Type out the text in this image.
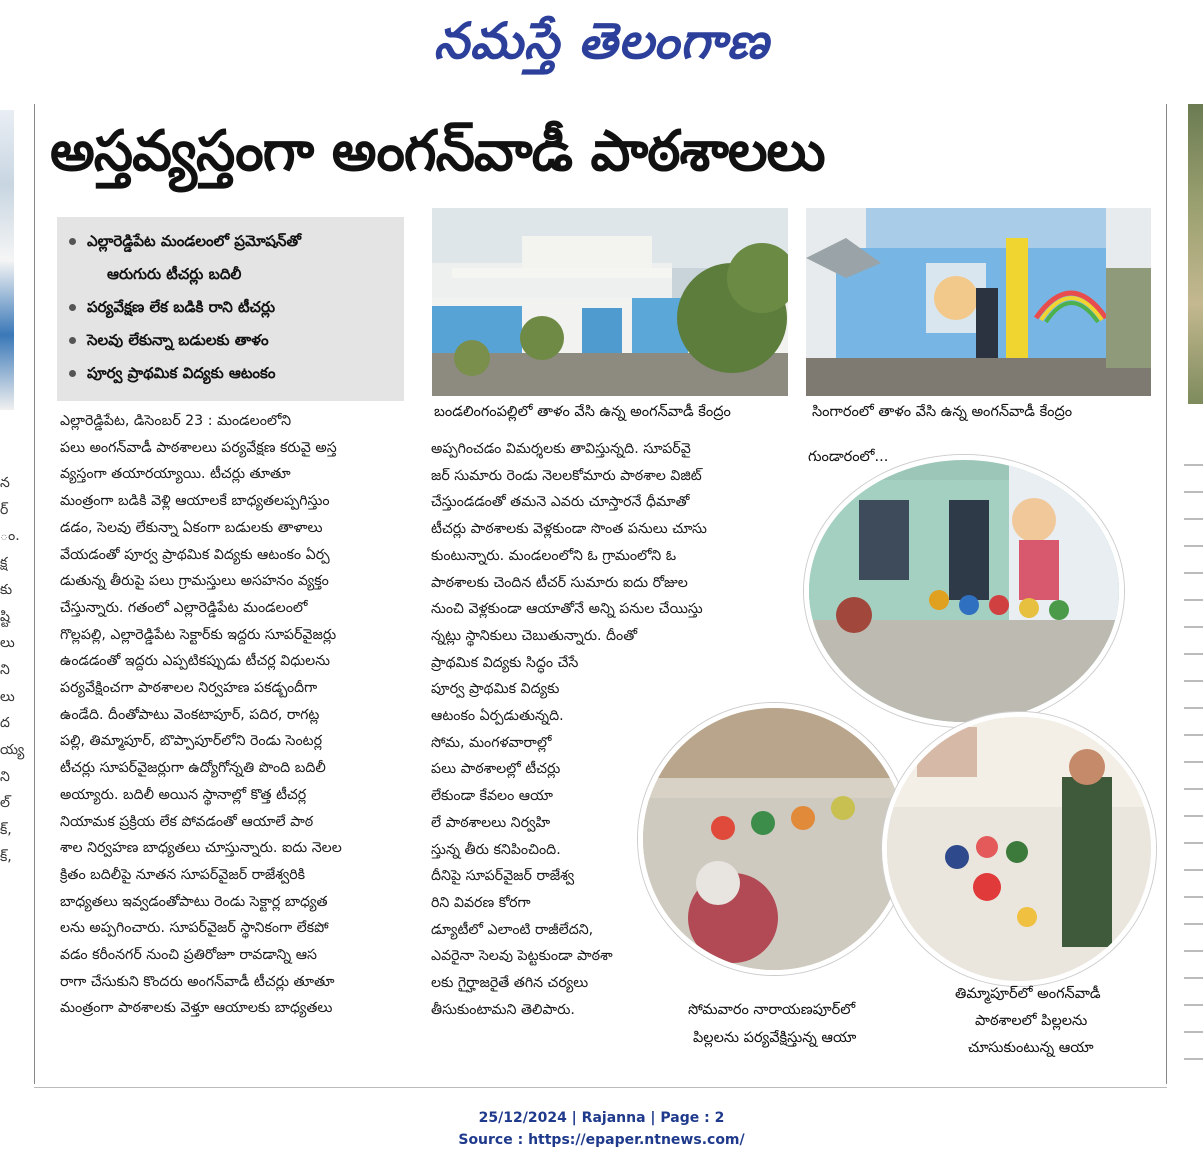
నమస్తే తెలంగాణ
న
ర్
ం.
క్ష
కు
ష్టి
లు
ని
లు
ద
య్య
ని
ల్
క్,
క్,
అస్తవ్యస్తంగా అంగన్‌వాడీ పాఠశాలలు
ఎల్లారెడ్డిపేట మండలంలో ప్రమోషన్‌తో
ఆరుగురు టీచర్లు బదిలీ
పర్యవేక్షణ లేక బడికి రాని టీచర్లు
సెలవు లేకున్నా బడులకు తాళం
పూర్వ ప్రాథమిక విద్యకు ఆటంకం
బండలింగంపల్లిలో తాళం వేసి ఉన్న అంగన్‌వాడీ కేంద్రం	సింగారంలో తాళం వేసి ఉన్న అంగన్‌వాడీ కేంద్రం
గుండారంలో...
సోమవారం నారాయణపూర్‌లో
పిల్లలను పర్యవేక్షిస్తున్న ఆయా
తిమ్మాపూర్‌లో అంగన్‌వాడీ
పాఠశాలలో పిల్లలను
చూసుకుంటున్న ఆయా

ఎల్లారెడ్డిపేట, డిసెంబర్ 23 : మండలంలోని

పలు అంగన్‌వాడీ పాఠశాలలు పర్యవేక్షణ కరువై అస్త

వ్యస్తంగా తయారయ్యాయి. టీచర్లు తూతూ

మంత్రంగా బడికి వెళ్లి ఆయాలకే బాధ్యతలప్పగిస్తుం

డడం, సెలవు లేకున్నా ఏకంగా బడులకు తాళాలు

వేయడంతో పూర్వ ప్రాథమిక విద్యకు ఆటంకం ఏర్ప

డుతున్న తీరుపై పలు గ్రామస్తులు అసహనం వ్యక్తం

చేస్తున్నారు. గతంలో ఎల్లారెడ్డిపేట మండలంలో

గొల్లపల్లి, ఎల్లారెడ్డిపేట సెక్టార్‌కు ఇద్దరు సూపర్‌వైజర్లు

ఉండడంతో ఇద్దరు ఎప్పటికప్పుడు టీచర్ల విధులను

పర్యవేక్షించగా పాఠశాలల నిర్వహణ పకడ్బందీగా

ఉండేది. దీంతోపాటు వెంకటాపూర్, పదిర, రాగట్ల

పల్లి, తిమ్మాపూర్, బొప్పాపూర్‌లోని రెండు సెంటర్ల

టీచర్లు సూపర్‌వైజర్లుగా ఉద్యోగోన్నతి పొంది బదిలీ

అయ్యారు. బదిలీ అయిన స్థానాల్లో కొత్త టీచర్ల

నియామక ప్రక్రియ లేక పోవడంతో ఆయాలే పాఠ

శాల నిర్వహణ బాధ్యతలు చూస్తున్నారు. ఐదు నెలల

క్రితం బదిలీపై నూతన సూపర్‌వైజర్ రాజేశ్వరికి

బాధ్యతలు ఇవ్వడంతోపాటు రెండు సెక్టార్ల బాధ్యత

లను అప్పగించారు. సూపర్‌వైజర్ స్థానికంగా లేకపో

వడం కరీంనగర్ నుంచి ప్రతిరోజూ రావడాన్ని ఆస

రాగా చేసుకుని కొందరు అంగన్‌వాడీ టీచర్లు తూతూ

మంత్రంగా పాఠశాలకు వెళ్తూ ఆయాలకు బాధ్యతలు

అప్పగించడం విమర్శలకు తావిస్తున్నది. సూపర్‌వై

జర్ సుమారు రెండు నెలలకోమారు పాఠశాల విజిట్

చేస్తుండడంతో తమనె ఎవరు చూస్తారనే ధీమాతో

టీచర్లు పాఠశాలకు వెళ్లకుండా సొంత పనులు చూసు

కుంటున్నారు. మండలంలోని ఓ గ్రామంలోని ఓ

పాఠశాలకు చెందిన టీచర్ సుమారు ఐదు రోజుల

నుంచి వెళ్లకుండా ఆయాతోనే అన్ని పనుల చేయిస్తు

న్నట్లు స్థానికులు చెబుతున్నారు. దీంతో

ప్రాథమిక విద్యకు సిద్ధం చేసే

పూర్వ ప్రాథమిక విద్యకు

ఆటంకం ఏర్పడుతున్నది.

సోమ, మంగళవారాల్లో

పలు పాఠశాలల్లో టీచర్లు

లేకుండా కేవలం ఆయా

లే పాఠశాలలు నిర్వహి

స్తున్న తీరు కనిపించింది.

దీనిపై సూపర్‌వైజర్ రాజేశ్వ

రిని వివరణ కోరగా

డ్యూటీలో ఎలాంటి రాజీలేదని,

ఎవరైనా సెలవు పెట్టకుండా పాఠశా

లకు గైర్హాజరైతే తగిన చర్యలు

తీసుకుంటామని తెలిపారు.

25/12/2024 | Rajanna | Page : 2
Source : https://epaper.ntnews.com/
